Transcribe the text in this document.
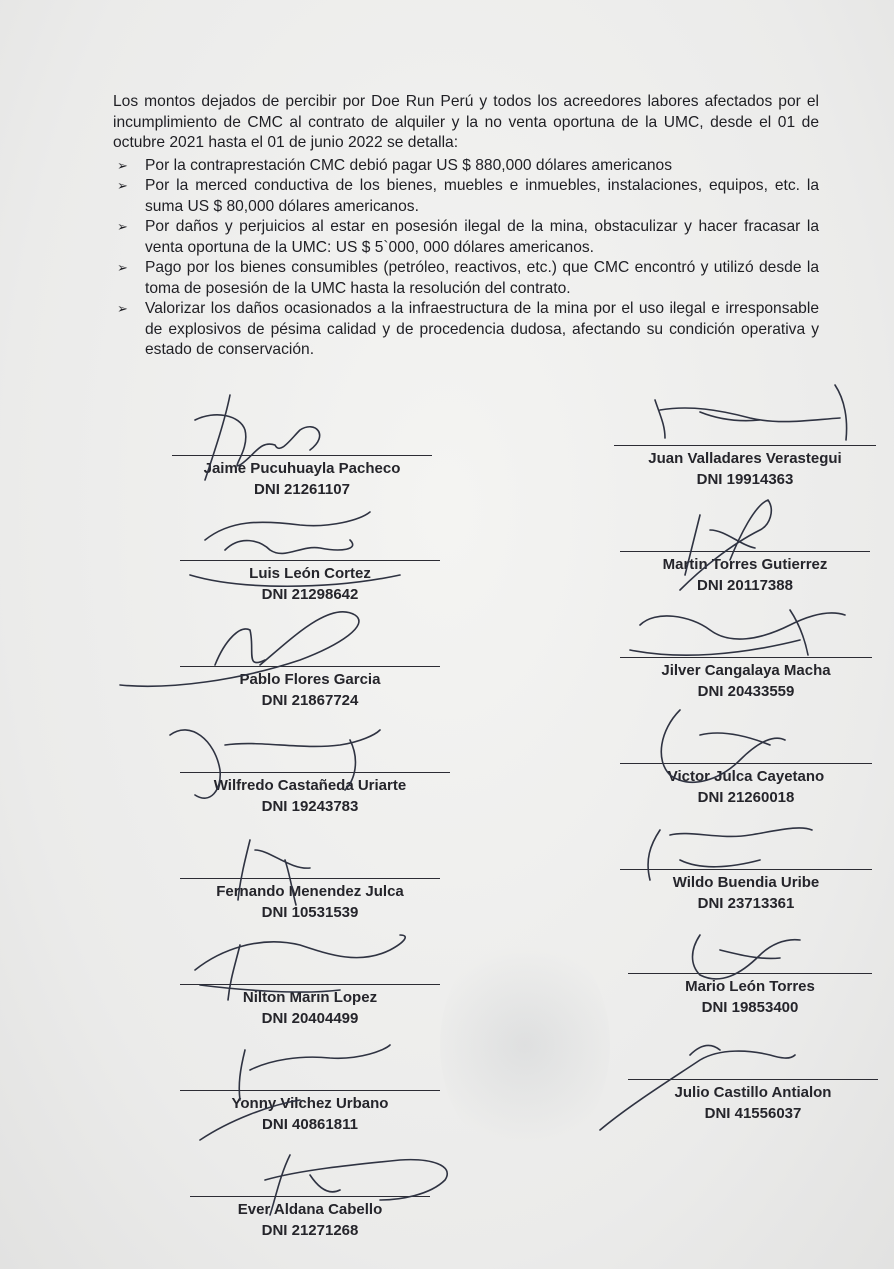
Los montos dejados de percibir por Doe Run Perú y todos los acreedores labores afectados por el incumplimiento de CMC al contrato de alquiler y la no venta oportuna de la UMC, desde el 01 de octubre 2021 hasta el 01 de junio 2022 se detalla:

➢ Por la contraprestación CMC debió pagar US $ 880,000 dólares americanos
➢ Por la merced conductiva de los bienes, muebles e inmuebles, instalaciones, equipos, etc. la suma US $ 80,000 dólares americanos.
➢ Por daños y perjuicios al estar en posesión ilegal de la mina, obstaculizar y hacer fracasar la venta oportuna de la UMC: US $ 5`000, 000 dólares americanos.
➢ Pago por los bienes consumibles (petróleo, reactivos, etc.) que CMC encontró y utilizó desde la toma de posesión de la UMC hasta la resolución del contrato.
➢ Valorizar los daños ocasionados a la infraestructura de la mina por el uso ilegal e irresponsable de explosivos de pésima calidad y de procedencia dudosa, afectando su condición operativa y estado de conservación.
Jaime Pucuhuayla Pacheco
DNI 21261107
Luis León Cortez
DNI 21298642
Pablo Flores Garcia
DNI 21867724
Wilfredo Castañeda Uriarte
DNI 19243783
Fernando Menendez Julca
DNI 10531539
Nilton Marin Lopez
DNI 20404499
Yonny Vilchez Urbano
DNI 40861811
Ever Aldana Cabello
DNI 21271268
Juan Valladares Verastegui
DNI 19914363
Martin Torres Gutierrez
DNI 20117388
Jilver Cangalaya Macha
DNI 20433559
Victor Julca Cayetano
DNI 21260018
Wildo Buendia Uribe
DNI 23713361
Mario León Torres
DNI 19853400
Julio Castillo Antialon
DNI 41556037
